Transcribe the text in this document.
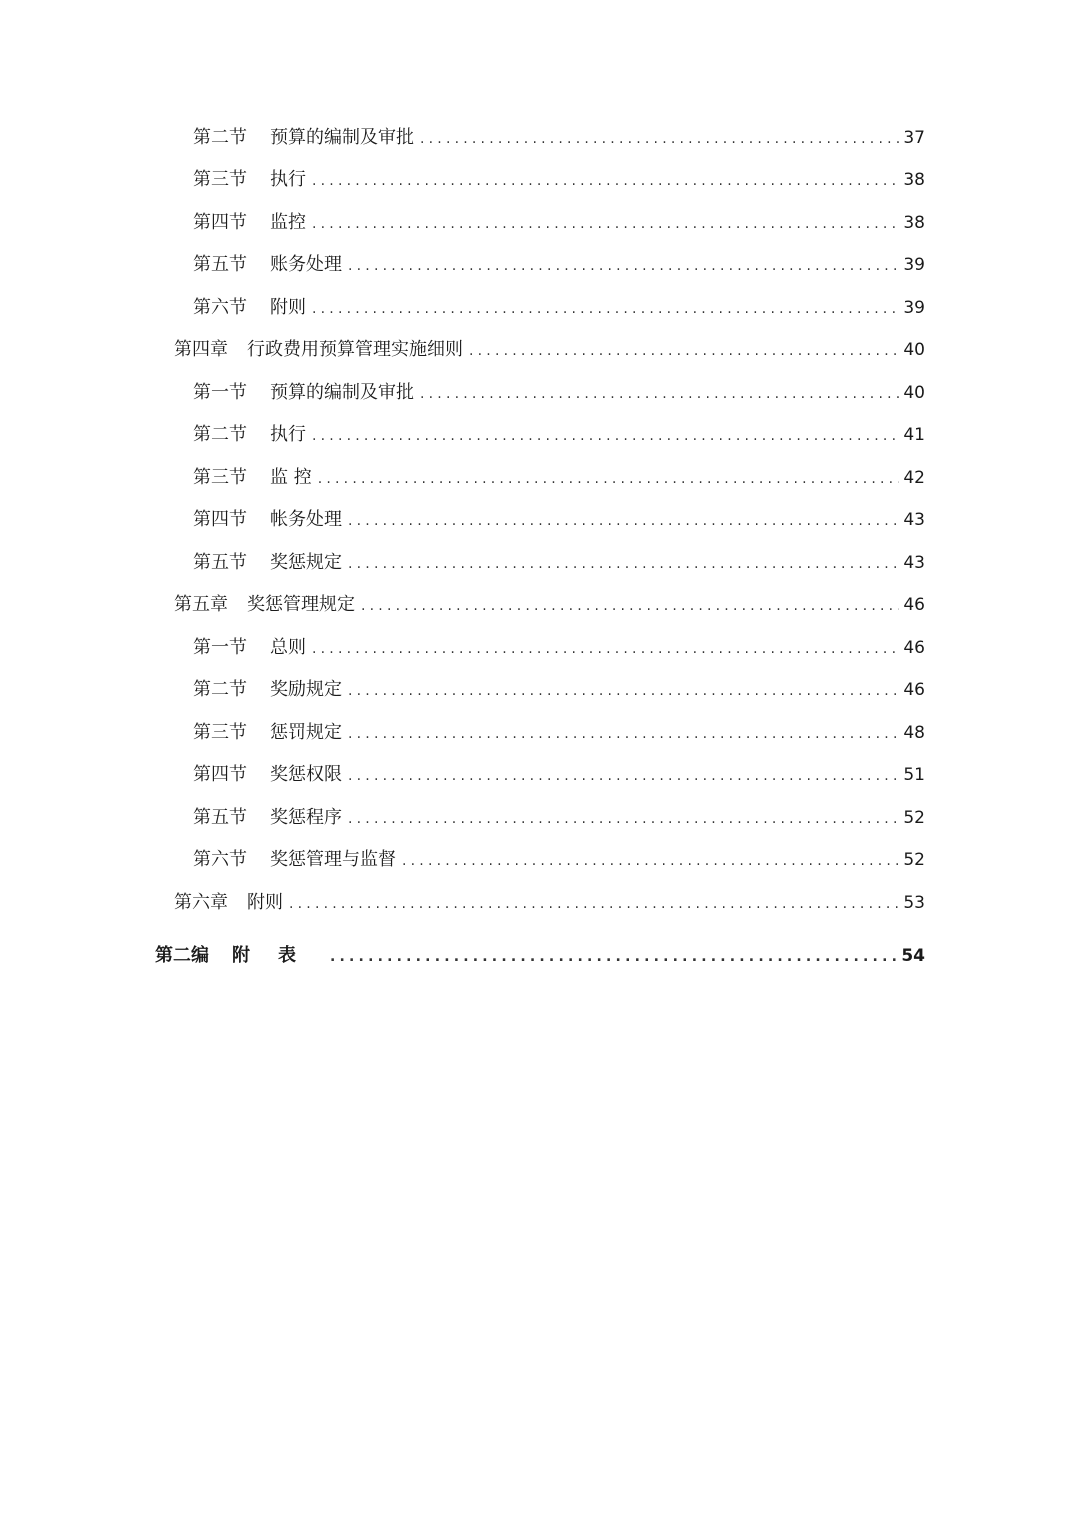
第二节	预算的编制及审批 .....	37
第三节	执行 .....	38
第四节	监控 .....	38
第五节	账务处理 .....	39
第六节	附则 .....	39
第四章	行政费用预算管理实施细则 .....	40
第一节	预算的编制及审批 .....	40
第二节	执行 .....	41
第三节	监 控 .....	42
第四节	帐务处理 .....	43
第五节	奖惩规定 .....	43
第五章	奖惩管理规定 .....	46
第一节	总则 .....	46
第二节	奖励规定 .....	46
第三节	惩罚规定 .....	48
第四节	奖惩权限 .....	51
第五节	奖惩程序 .....	52
第六节	奖惩管理与监督 .....	52
第六章	附则 .....	53
第二编	附表 .....	54
